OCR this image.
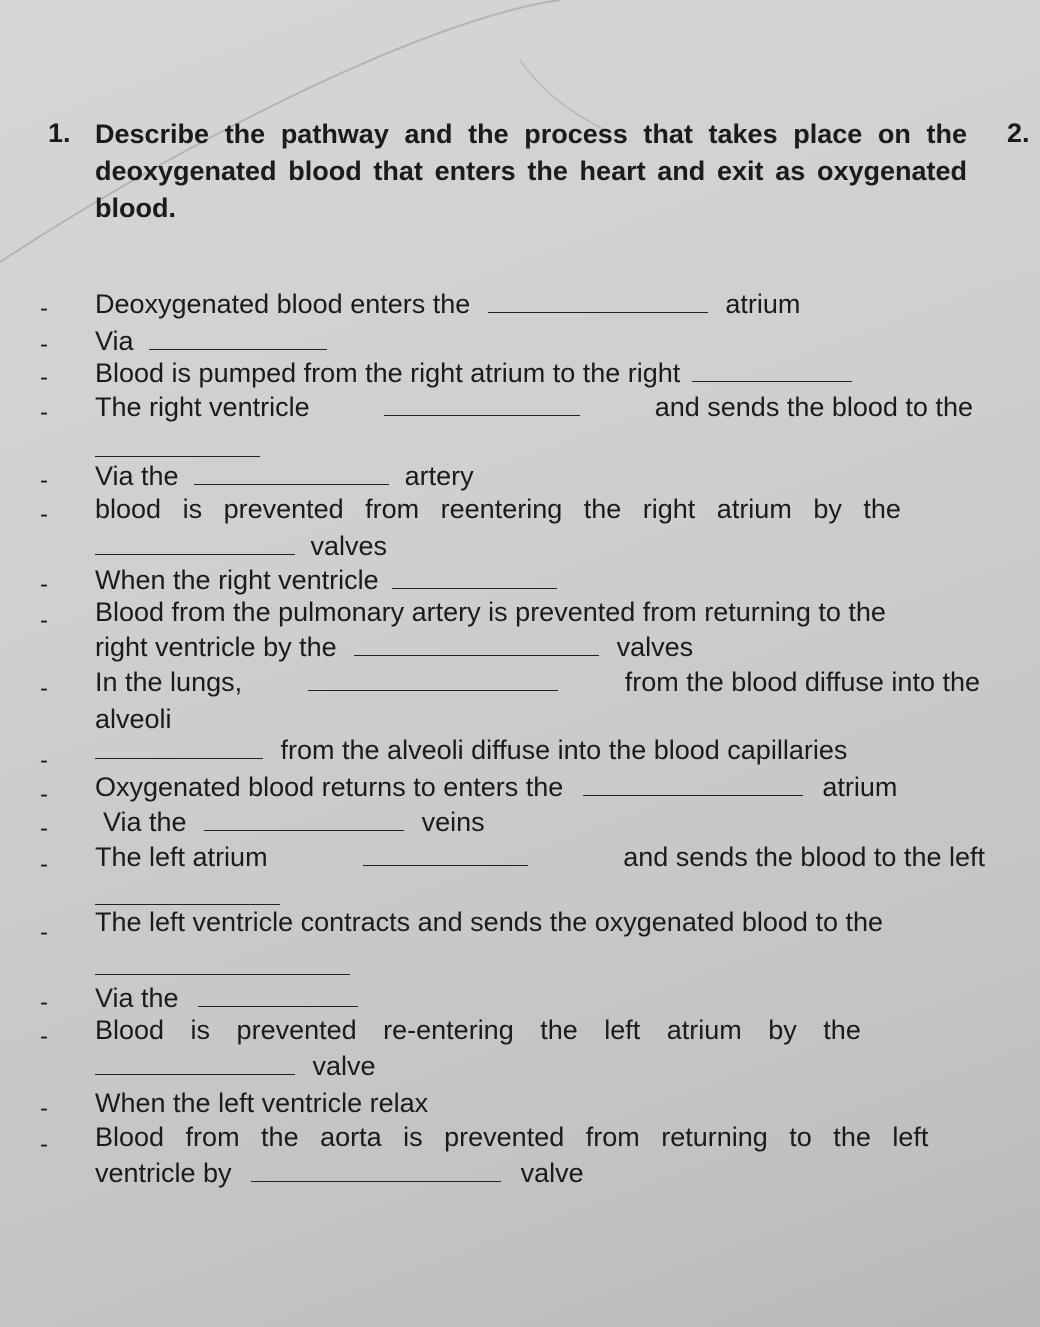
1.	2.
Describe the pathway and the process that takes place on the deoxygenated blood that enters the heart and exit as oxygenated blood.
- Deoxygenated blood enters the	atrium
- Via
- Blood is pumped from the right atrium to the right
- The right ventricle	and sends the blood to the
- Via the	artery
- blood is prevented from reentering the right atrium by the
valves
- When the right ventricle
- Blood from the pulmonary artery is prevented from returning to the
right ventricle by the	valves
- In the lungs,	from the blood diffuse into the
alveoli
-	from the alveoli diffuse into the blood capillaries
- Oxygenated blood returns to enters the	atrium
- Via the	veins
- The left atrium	and sends the blood to the left
- The left ventricle contracts and sends the oxygenated blood to the
- Via the
- Blood is prevented re-entering the left atrium by the
valve
- When the left ventricle relax
- Blood from the aorta is prevented from returning to the left
ventricle by	valve
